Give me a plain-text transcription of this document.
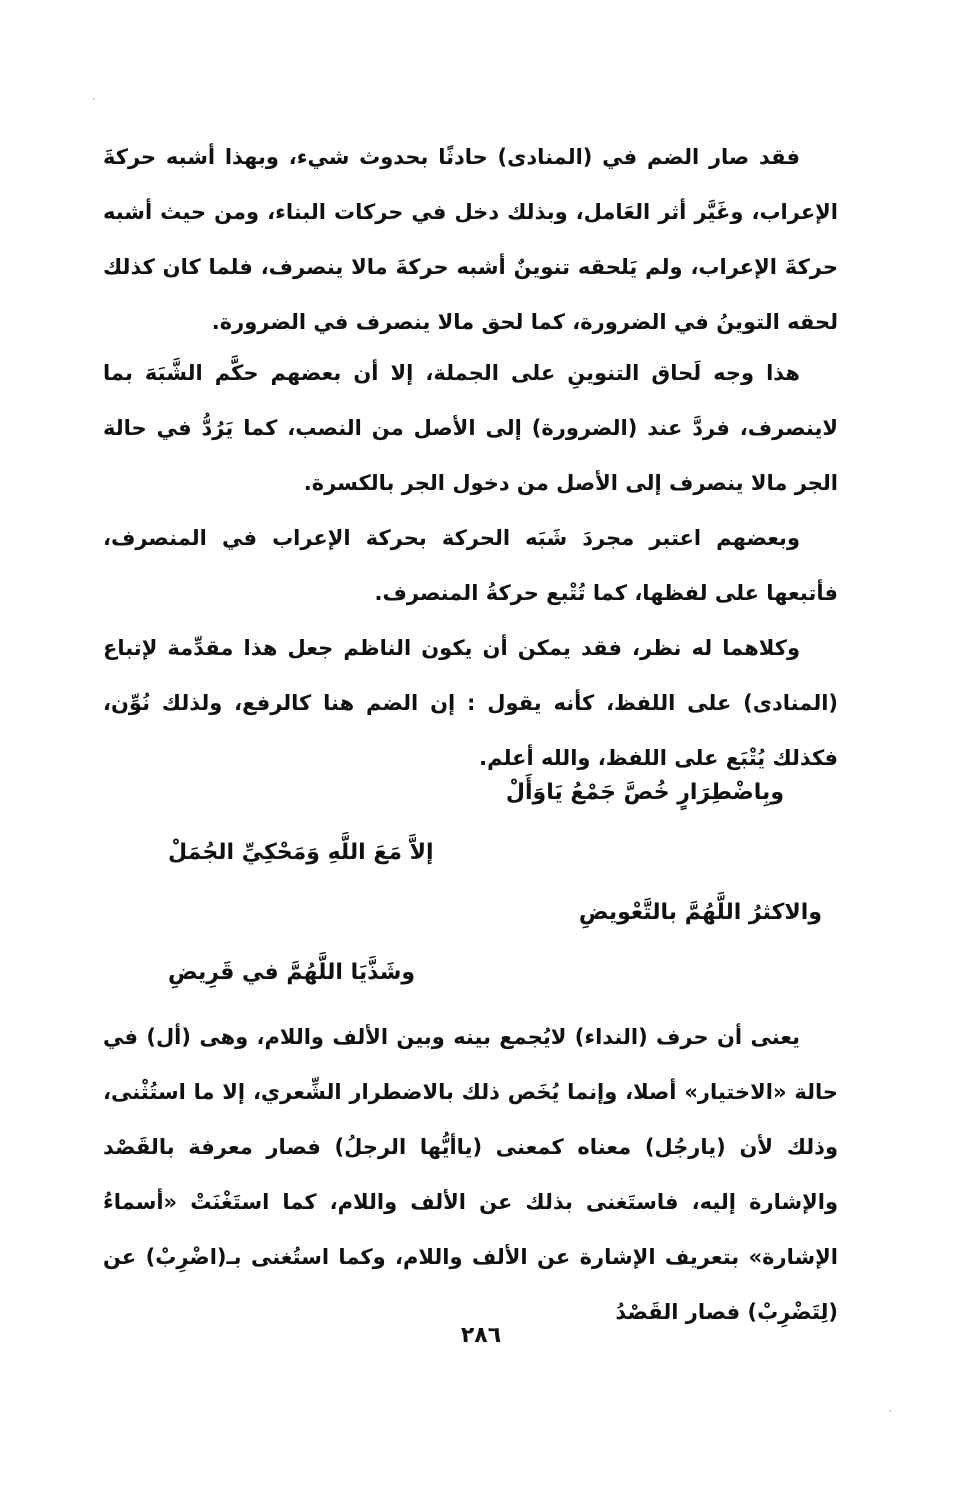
فقد صار الضم في (المنادى) حادثًا بحدوث شيء، وبهذا أشبه حركةَ الإعراب، وغَيَّر أثر العَامل، وبذلك دخل في حركات البناء، ومن حيث أشبه حركةَ الإعراب، ولم يَلحقه تنوينٌ أشبه حركةَ مالا ينصرف، فلما كان كذلك لحقه التوينُ في الضرورة، كما لحق مالا ينصرف في الضرورة.

هذا وجه لَحاق التنوينِ على الجملة، إلا أن بعضهم حكَّم الشَّبَهَ بما لاينصرف، فردَّ عند (الضرورة) إلى الأصل من النصب، كما يَرُدُّ في حالة الجر مالا ينصرف إلى الأصل من دخول الجر بالكسرة.

وبعضهم اعتبر مجردَ شَبَه الحركة بحركة الإعراب في المنصرف، فأتبعها على لفظها، كما تُتْبع حركةُ المنصرف.

وكلاهما له نظر، فقد يمكن أن يكون الناظم جعل هذا مقدِّمة لإتباع (المنادى) على اللفظ، كأنه يقول : إن الضم هنا كالرفع، ولذلك نُوِّن، فكذلك يُتْبَع على اللفظ، والله أعلم.

وبِاضْطِرَارٍ خُصَّ جَمْعُ يَاوَأَلْ
إلاَّ مَعَ اللَّهِ وَمَحْكِيِّ الجُمَلْ
والاكثرُ اللَّهُمَّ بالتَّعْويضِ
وشَذَّيَا اللَّهُمَّ في قَرِيضِ

يعنى أن حرف (النداء) لايُجمع بينه وبين الألف واللام، وهى (أل) في حالة «الاختيار» أصلا، وإنما يُخَص ذلك بالاضطرار الشِّعري، إلا ما استُثْنى، وذلك لأن (يارجُل) معناه كمعنى (ياأيُّها الرجلُ) فصار معرفة بالقَصْد والإشارة إليه، فاستَغنى بذلك عن الألف واللام، كما استَغْنَتْ «أسماءُ الإشارة» بتعريف الإشارة عن الألف واللام، وكما استُغنى بـ(اضْرِبْ) عن (لِتَضْرِبْ) فصار القَصْدُ

٢٨٦
